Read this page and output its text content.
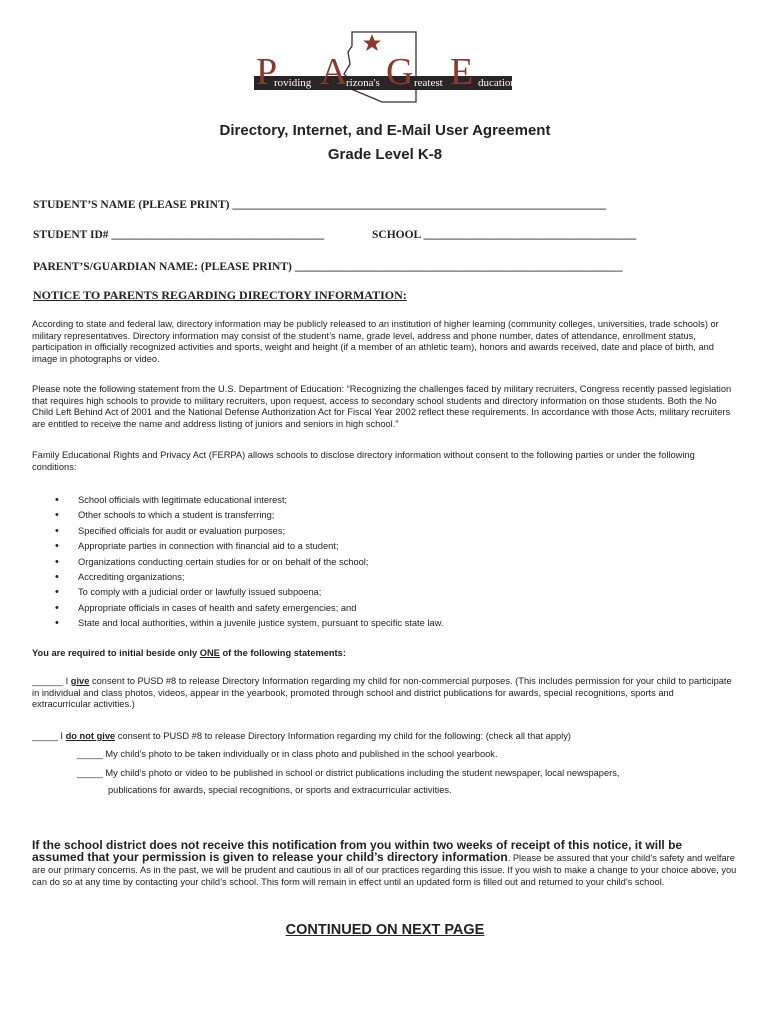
roviding	rizona's	reatest	ducation
P A G E
Directory, Internet, and E-Mail User Agreement
Grade Level K-8
STUDENT’S NAME (PLEASE PRINT) _________________________________________________________________
STUDENT ID# _____________________________________	SCHOOL _____________________________________
PARENT’S/GUARDIAN NAME: (PLEASE PRINT) _________________________________________________________
NOTICE TO PARENTS REGARDING DIRECTORY INFORMATION:
According to state and federal law, directory information may be publicly released to an institution of higher learning (community colleges, universities, trade schools) or military representatives. Directory information may consist of the student’s name, grade level, address and phone number, dates of attendance, enrollment status, participation in officially recognized activities and sports, weight and height (if a member of an athletic team), honors and awards received, date and place of birth, and image in photographs or video.
Please note the following statement from the U.S. Department of Education: “Recognizing the challenges faced by military recruiters, Congress recently passed legislation that requires high schools to provide to military recruiters, upon request, access to secondary school students and directory information on those students. Both the No Child Left Behind Act of 2001 and the National Defense Authorization Act for Fiscal Year 2002 reflect these requirements. In accordance with those Acts, military recruiters are entitled to receive the name and address listing of juniors and seniors in high school.”
Family Educational Rights and Privacy Act (FERPA) allows schools to disclose directory information without consent to the following parties or under the following conditions:
• School officials with legitimate educational interest;
• Other schools to which a student is transferring;
• Specified officials for audit or evaluation purposes;
• Appropriate parties in connection with financial aid to a student;
• Organizations conducting certain studies for or on behalf of the school;
• Accrediting organizations;
• To comply with a judicial order or lawfully issued subpoena;
• Appropriate officials in cases of health and safety emergencies; and
• State and local authorities, within a juvenile justice system, pursuant to specific state law.
You are required to initial beside only ONE of the following statements:
______ I give consent to PUSD #8 to release Directory Information regarding my child for non-commercial purposes. (This includes permission for your child to participate in individual and class photos, videos, appear in the yearbook, promoted through school and district publications for awards, special recognitions, sports and extracurricular activities.)
_____ I do not give consent to PUSD #8 to release Directory Information regarding my child for the following: (check all that apply)
_____ My child’s photo to be taken individually or in class photo and published in the school yearbook.
_____ My child’s photo or video to be published in school or district publications including the student newspaper, local newspapers,
publications for awards, special recognitions, or sports and extracurricular activities.
If the school district does not receive this notification from you within two weeks of receipt of this notice, it will be
assumed that your permission is given to release your child’s directory information. Please be assured that your child’s safety and welfare are our primary concerns. As in the past, we will be prudent and cautious in all of our practices regarding this issue. If you wish to make a change to your choice above, you can do so at any time by contacting your child’s school. This form will remain in effect until an updated form is filled out and returned to your child’s school.
CONTINUED ON NEXT PAGE
